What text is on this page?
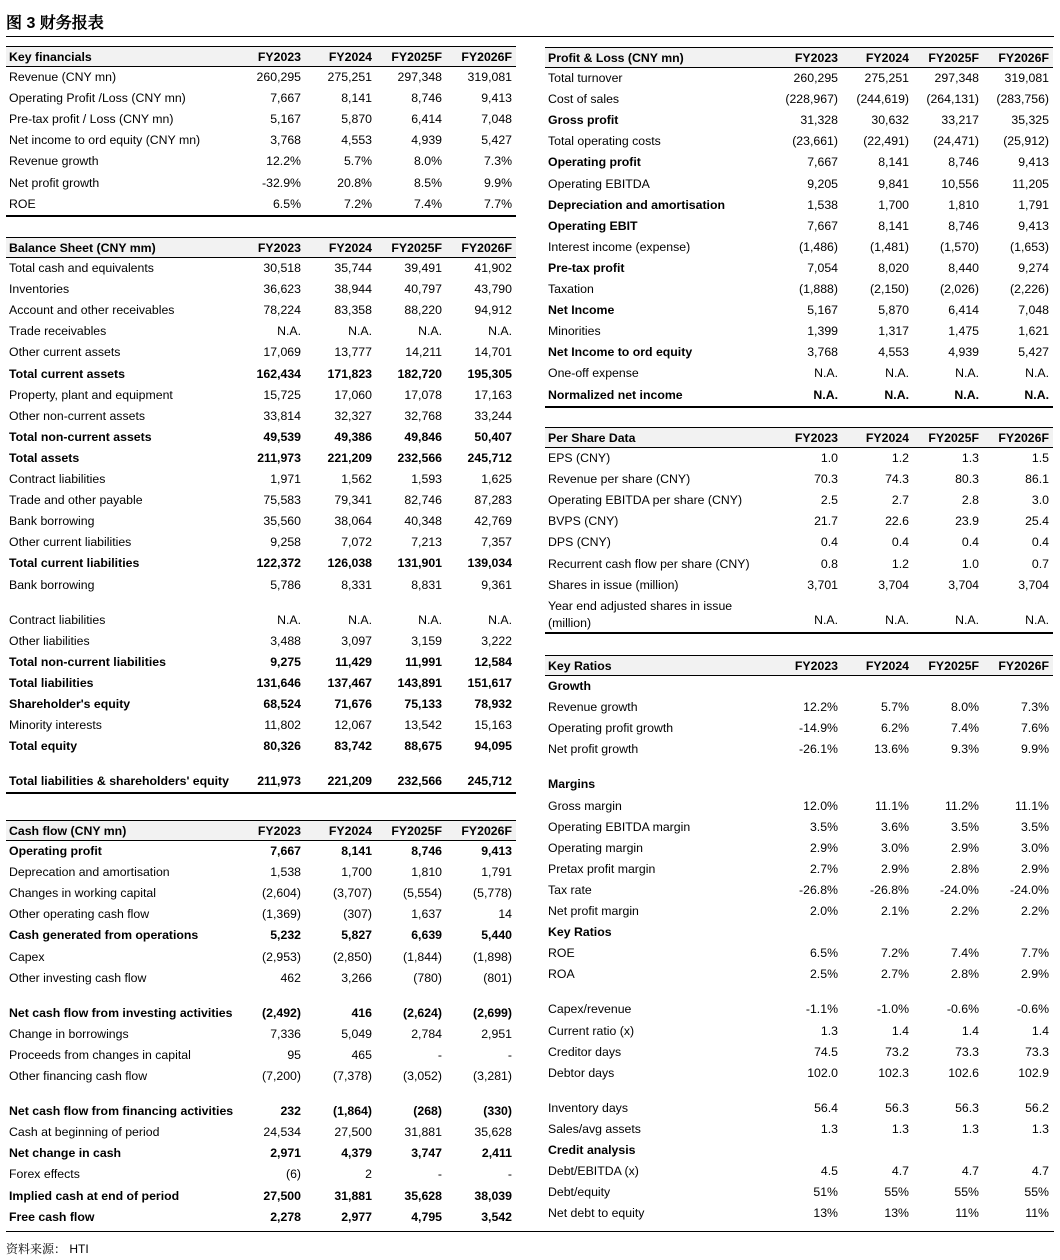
图 3 财务报表
Key financials	FY2023	FY2024	FY2025F	FY2026F
Revenue (CNY mn)	260,295	275,251	297,348	319,081
Operating Profit /Loss (CNY mn)	7,667	8,141	8,746	9,413
Pre-tax profit / Loss (CNY mn)	5,167	5,870	6,414	7,048
Net income to ord equity (CNY mn)	3,768	4,553	4,939	5,427
Revenue growth	12.2%	5.7%	8.0%	7.3%
Net profit growth	-32.9%	20.8%	8.5%	9.9%
ROE	6.5%	7.2%	7.4%	7.7%
Balance Sheet (CNY mm)	FY2023	FY2024	FY2025F	FY2026F
Total cash and equivalents	30,518	35,744	39,491	41,902
Inventories	36,623	38,944	40,797	43,790
Account and other receivables	78,224	83,358	88,220	94,912
Trade receivables	N.A.	N.A.	N.A.	N.A.
Other current assets	17,069	13,777	14,211	14,701
Total current assets	162,434	171,823	182,720	195,305
Property, plant and equipment	15,725	17,060	17,078	17,163
Other non-current assets	33,814	32,327	32,768	33,244
Total non-current assets	49,539	49,386	49,846	50,407
Total assets	211,973	221,209	232,566	245,712
Contract liabilities	1,971	1,562	1,593	1,625
Trade and other payable	75,583	79,341	82,746	87,283
Bank borrowing	35,560	38,064	40,348	42,769
Other current liabilities	9,258	7,072	7,213	7,357
Total current liabilities	122,372	126,038	131,901	139,034
Bank borrowing	5,786	8,331	8,831	9,361
Contract liabilities	N.A.	N.A.	N.A.	N.A.
Other liabilities	3,488	3,097	3,159	3,222
Total non-current liabilities	9,275	11,429	11,991	12,584
Total liabilities	131,646	137,467	143,891	151,617
Shareholder's equity	68,524	71,676	75,133	78,932
Minority interests	11,802	12,067	13,542	15,163
Total equity	80,326	83,742	88,675	94,095
Total liabilities & shareholders' equity	211,973	221,209	232,566	245,712
Cash flow (CNY mn)	FY2023	FY2024	FY2025F	FY2026F
Operating profit	7,667	8,141	8,746	9,413
Deprecation and amortisation	1,538	1,700	1,810	1,791
Changes in working capital	(2,604)	(3,707)	(5,554)	(5,778)
Other operating cash flow	(1,369)	(307)	1,637	14
Cash generated from operations	5,232	5,827	6,639	5,440
Capex	(2,953)	(2,850)	(1,844)	(1,898)
Other investing cash flow	462	3,266	(780)	(801)
Net cash flow from investing activities	(2,492)	416	(2,624)	(2,699)
Change in borrowings	7,336	5,049	2,784	2,951
Proceeds from changes in capital	95	465	-	-
Other financing cash flow	(7,200)	(7,378)	(3,052)	(3,281)
Net cash flow from financing activities	232	(1,864)	(268)	(330)
Cash at beginning of period	24,534	27,500	31,881	35,628
Net change in cash	2,971	4,379	3,747	2,411
Forex effects	(6)	2	-	-
Implied cash at end of period	27,500	31,881	35,628	38,039
Free cash flow	2,278	2,977	4,795	3,542
Profit & Loss (CNY mn)	FY2023	FY2024	FY2025F	FY2026F
Total turnover	260,295	275,251	297,348	319,081
Cost of sales	(228,967)	(244,619)	(264,131)	(283,756)
Gross profit	31,328	30,632	33,217	35,325
Total operating costs	(23,661)	(22,491)	(24,471)	(25,912)
Operating profit	7,667	8,141	8,746	9,413
Operating EBITDA	9,205	9,841	10,556	11,205
Depreciation and amortisation	1,538	1,700	1,810	1,791
Operating EBIT	7,667	8,141	8,746	9,413
Interest income (expense)	(1,486)	(1,481)	(1,570)	(1,653)
Pre-tax profit	7,054	8,020	8,440	9,274
Taxation	(1,888)	(2,150)	(2,026)	(2,226)
Net Income	5,167	5,870	6,414	7,048
Minorities	1,399	1,317	1,475	1,621
Net Income to ord equity	3,768	4,553	4,939	5,427
One-off expense	N.A.	N.A.	N.A.	N.A.
Normalized net income	N.A.	N.A.	N.A.	N.A.
Per Share Data	FY2023	FY2024	FY2025F	FY2026F
EPS (CNY)	1.0	1.2	1.3	1.5
Revenue per share (CNY)	70.3	74.3	80.3	86.1
Operating EBITDA per share (CNY)	2.5	2.7	2.8	3.0
BVPS (CNY)	21.7	22.6	23.9	25.4
DPS (CNY)	0.4	0.4	0.4	0.4
Recurrent cash flow per share (CNY)	0.8	1.2	1.0	0.7
Shares in issue (million)	3,701	3,704	3,704	3,704
Year end adjusted shares in issue (million)	N.A.	N.A.	N.A.	N.A.
Key Ratios	FY2023	FY2024	FY2025F	FY2026F
Growth
Revenue growth	12.2%	5.7%	8.0%	7.3%
Operating profit growth	-14.9%	6.2%	7.4%	7.6%
Net profit growth	-26.1%	13.6%	9.3%	9.9%
Margins
Gross margin	12.0%	11.1%	11.2%	11.1%
Operating EBITDA margin	3.5%	3.6%	3.5%	3.5%
Operating margin	2.9%	3.0%	2.9%	3.0%
Pretax profit margin	2.7%	2.9%	2.8%	2.9%
Tax rate	-26.8%	-26.8%	-24.0%	-24.0%
Net profit margin	2.0%	2.1%	2.2%	2.2%
Key Ratios
ROE	6.5%	7.2%	7.4%	7.7%
ROA	2.5%	2.7%	2.8%	2.9%
Capex/revenue	-1.1%	-1.0%	-0.6%	-0.6%
Current ratio (x)	1.3	1.4	1.4	1.4
Creditor days	74.5	73.2	73.3	73.3
Debtor days	102.0	102.3	102.6	102.9
Inventory days	56.4	56.3	56.3	56.2
Sales/avg assets	1.3	1.3	1.3	1.3
Credit analysis
Debt/EBITDA (x)	4.5	4.7	4.7	4.7
Debt/equity	51%	55%	55%	55%
Net debt to equity	13%	13%	11%	11%
资料来源： HTI
